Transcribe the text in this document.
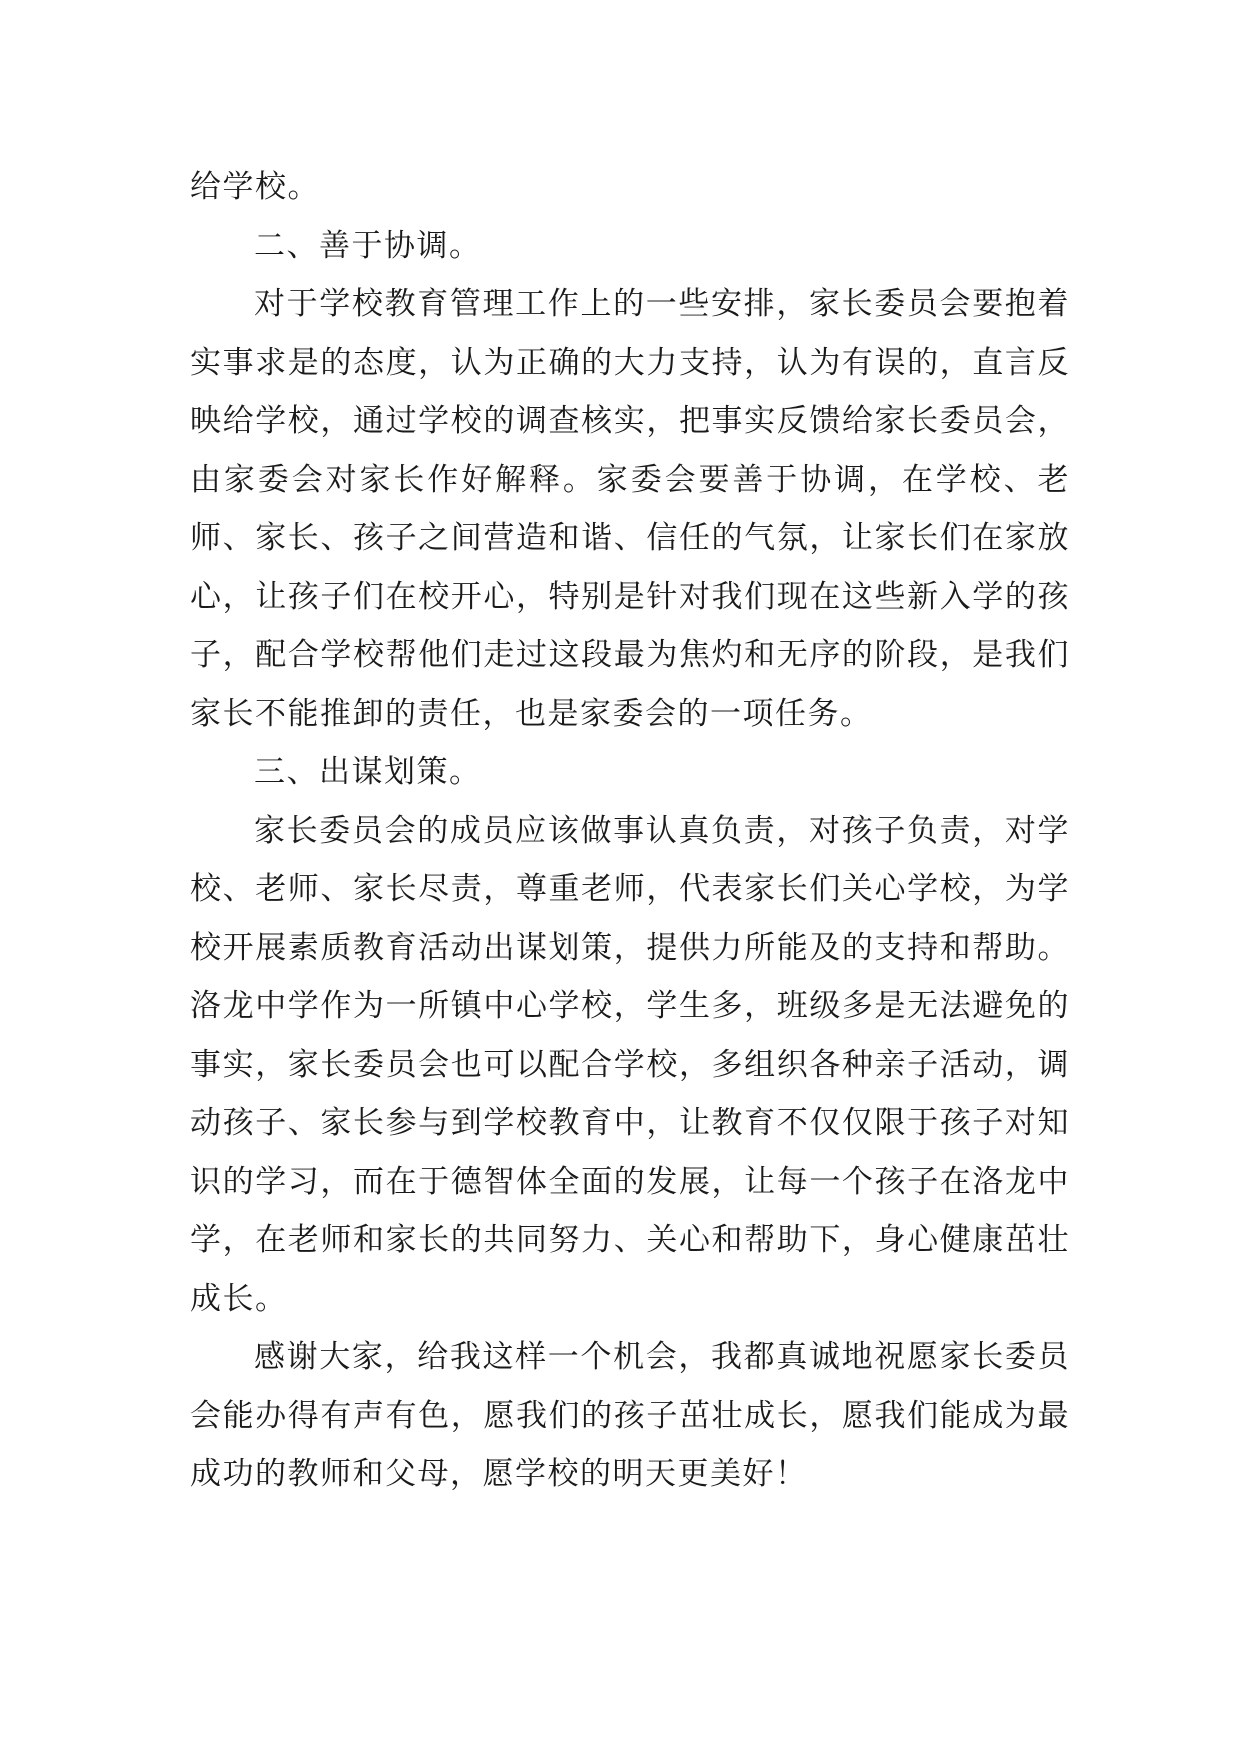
给学校。

二、善于协调。

对于学校教育管理工作上的一些安排，家长委员会要抱着实事求是的态度，认为正确的大力支持，认为有误的，直言反映给学校，通过学校的调查核实，把事实反馈给家长委员会，由家委会对家长作好解释。家委会要善于协调，在学校、老师、家长、孩子之间营造和谐、信任的气氛，让家长们在家放心，让孩子们在校开心，特别是针对我们现在这些新入学的孩子，配合学校帮他们走过这段最为焦灼和无序的阶段，是我们家长不能推卸的责任，也是家委会的一项任务。

三、出谋划策。

家长委员会的成员应该做事认真负责，对孩子负责，对学校、老师、家长尽责，尊重老师，代表家长们关心学校，为学校开展素质教育活动出谋划策，提供力所能及的支持和帮助。洛龙中学作为一所镇中心学校，学生多，班级多是无法避免的事实，家长委员会也可以配合学校，多组织各种亲子活动，调动孩子、家长参与到学校教育中，让教育不仅仅限于孩子对知识的学习，而在于德智体全面的发展，让每一个孩子在洛龙中学，在老师和家长的共同努力、关心和帮助下，身心健康茁壮成长。

感谢大家，给我这样一个机会，我都真诚地祝愿家长委员会能办得有声有色，愿我们的孩子茁壮成长，愿我们能成为最成功的教师和父母，愿学校的明天更美好！
